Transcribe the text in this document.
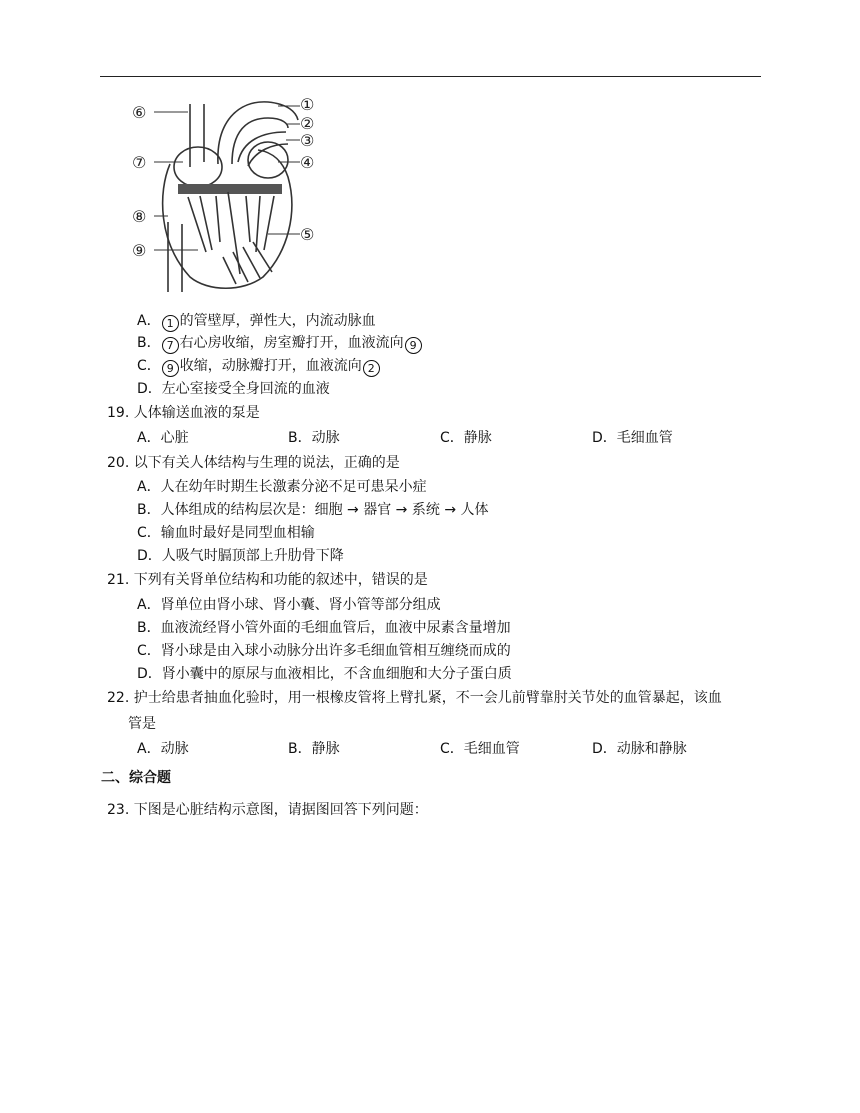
⑥
⑦
⑧
⑨
①
②
③
④
⑤
A． 1 的管壁厚，弹性大，内流动脉血
B． 7 右心房收缩，房室瓣打开，血液流向 9
C． 9 收缩，动脉瓣打开，血液流向 2
D．左心室接受全身回流的血液
19. 人体输送血液的泵是
A．心脏	B．动脉	C．静脉	D．毛细血管
20. 以下有关人体结构与生理的说法，正确的是
A．人在幼年时期生长激素分泌不足可患呆小症
B．人体组成的结构层次是：细胞 → 器官 → 系统 → 人体
C．输血时最好是同型血相输
D．人吸气时膈顶部上升肋骨下降
21. 下列有关肾单位结构和功能的叙述中，错误的是
A．肾单位由肾小球、肾小囊、肾小管等部分组成
B．血液流经肾小管外面的毛细血管后，血液中尿素含量增加
C．肾小球是由入球小动脉分出许多毛细血管相互缠绕而成的
D．肾小囊中的原尿与血液相比，不含血细胞和大分子蛋白质
22. 护士给患者抽血化验时，用一根橡皮管将上臂扎紧，不一会儿前臂靠肘关节处的血管暴起，该血
管是
A．动脉	B．静脉	C．毛细血管	D．动脉和静脉
二、综合题
23. 下图是心脏结构示意图，请据图回答下列问题：
